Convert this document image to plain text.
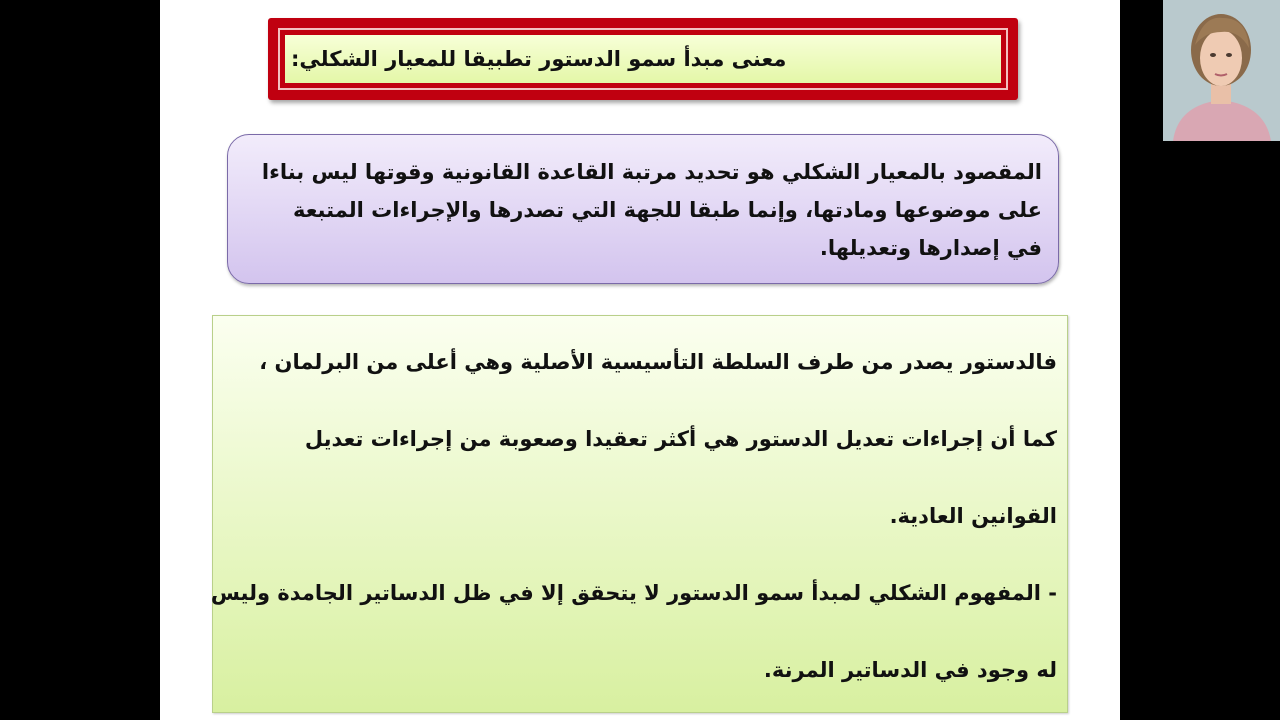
معنى مبدأ سمو الدستور تطبيقا للمعيار الشكلي:
المقصود بالمعيار الشكلي هو تحديد مرتبة القاعدة القانونية وقوتها ليس بناءا
على موضوعها ومادتها، وإنما طبقا للجهة التي تصدرها والإجراءات المتبعة
في إصدارها وتعديلها.
فالدستور يصدر من طرف السلطة التأسيسية الأصلية وهي أعلى من البرلمان ،
كما أن إجراءات تعديل الدستور هي أكثر تعقيدا وصعوبة من إجراءات تعديل
القوانين العادية.
- المفهوم الشكلي لمبدأ سمو الدستور لا يتحقق إلا في ظل الدساتير الجامدة وليس
له وجود في الدساتير المرنة.
